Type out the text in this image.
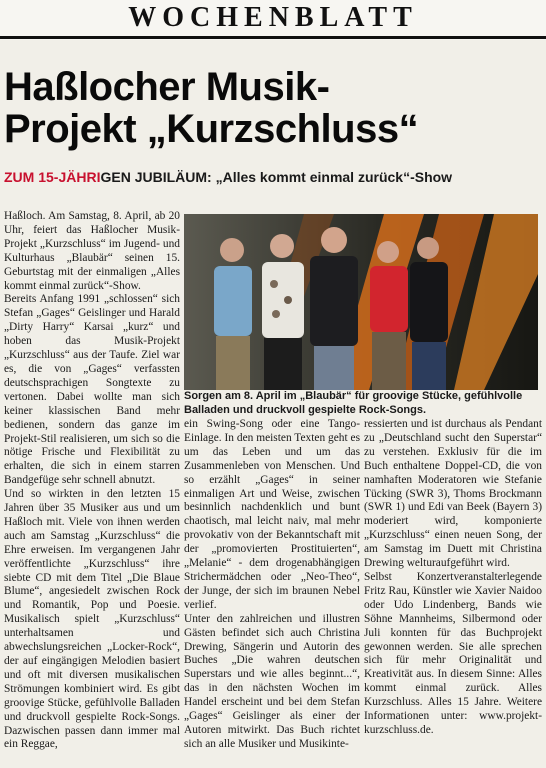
WOCHENBLATT
Haßlocher Musik-
Projekt „Kurzschluss“
ZUM 15-JÄHRIGEN JUBILÄUM: „Alles kommt einmal zurück“-Show

Haßloch. Am Samstag, 8. April, ab 20 Uhr, feiert das Haßlocher Musik-Projekt „Kurzschluss“ im Jugend- und Kulturhaus „Blaubär“ seinen 15. Geburtstag mit der einmaligen „Alles kommt einmal zurück“-Show.

Bereits Anfang 1991 „schlossen“ sich Stefan „Gages“ Geislinger und Harald „Dirty Harry“ Karsai „kurz“ und hoben das Musik-Projekt „Kurzschluss“ aus der Taufe. Ziel war es, die von „Gages“ verfassten deutschsprachigen Songtexte zu vertonen. Dabei wollte man sich keiner klassischen Band mehr bedienen, sondern das ganze im Projekt-Stil realisieren, um sich so die nötige Frische und Flexibilität zu erhalten, die sich in einem starren Bandgefüge sehr schnell abnutzt.

Und so wirkten in den letzten 15 Jahren über 35 Musiker aus und um Haßloch mit. Viele von ihnen werden auch am Samstag „Kurzschluss“ die Ehre erweisen. Im vergangenen Jahr veröffentlichte „Kurzschluss“ ihre siebte CD mit dem Titel „Die Blaue Blume“, angesiedelt zwischen Rock und Romantik, Pop und Poesie. Musikalisch spielt „Kurzschluss“ unterhaltsamen und abwechslungsreichen „Locker-Rock“, der auf eingängigen Melodien basiert und oft mit diversen musikalischen Strömungen kombiniert wird. Es gibt groovige Stücke, gefühlvolle Balladen und druckvoll gespielte Rock-Songs. Dazwischen passen dann immer mal ein Reggae,

Sorgen am 8. April im „Blaubär“ für groovige Stücke, gefühlvolle Balladen und druckvoll gespielte Rock-Songs.

ein Swing-Song oder eine Tango-Einlage. In den meisten Texten geht es um das Leben und um das Zusammenleben von Menschen. Und so erzählt „Gages“ in seiner einmaligen Art und Weise, zwischen besinnlich nachdenklich und bunt chaotisch, mal leicht naiv, mal mehr provokativ von der Bekanntschaft mit der „promovierten Prostituierten“, „Melanie“ - dem drogenabhängigen Strichermädchen oder „Neo-Theo“, der Junge, der sich im braunen Nebel verlief.

Unter den zahlreichen und illustren Gästen befindet sich auch Christina Drewing, Sängerin und Autorin des Buches „Die wahren deutschen Superstars und wie alles beginnt...“, das in den nächsten Wochen im Handel erscheint und bei dem Stefan „Gages“ Geislinger als einer der Autoren mitwirkt. Das Buch richtet sich an alle Musiker und Musikinte-

ressierten und ist durchaus als Pendant zu „Deutschland sucht den Superstar“ zu verstehen. Exklusiv für die im Buch enthaltene Doppel-CD, die von namhaften Moderatoren wie Stefanie Tücking (SWR 3), Thoms Brockmann (SWR 1) und Edi van Beek (Bayern 3) moderiert wird, komponierte „Kurzschluss“ einen neuen Song, der am Samstag im Duett mit Christina Drewing welturaufgeführt wird.

Selbst Konzertveranstalterlegende Fritz Rau, Künstler wie Xavier Naidoo oder Udo Lindenberg, Bands wie Söhne Mannheims, Silbermond oder Juli konnten für das Buchprojekt gewonnen werden. Sie alle sprechen sich für mehr Originalität und Kreativität aus. In diesem Sinne: Alles kommt einmal zurück. Alles Kurzschluss. Alles 15 Jahre. Weitere Informationen unter: www.projekt-kurzschluss.de.
